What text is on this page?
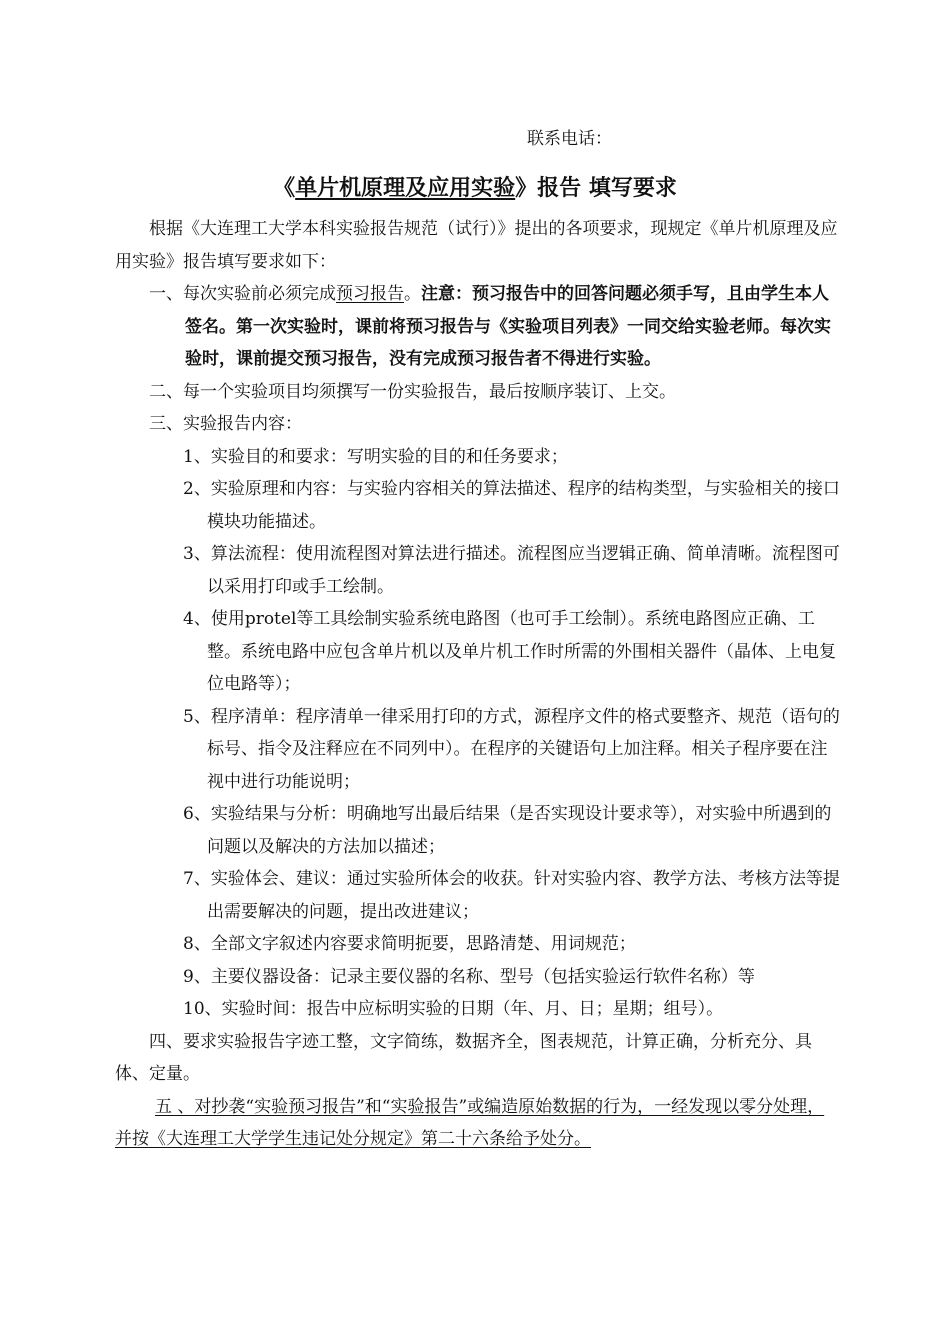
联系电话：
《单片机原理及应用实验》报告 填写要求

根据《大连理工大学本科实验报告规范（试行）》提出的各项要求，现规定《单片机原理及应用实验》报告填写要求如下：

一、每次实验前必须完成预习报告。注意：预习报告中的回答问题必须手写，且由学生本人签名。第一次实验时，课前将预习报告与《实验项目列表》一同交给实验老师。每次实验时，课前提交预习报告，没有完成预习报告者不得进行实验。

二、每一个实验项目均须撰写一份实验报告，最后按顺序装订、上交。

三、实验报告内容：

1、实验目的和要求：写明实验的目的和任务要求；

2、实验原理和内容：与实验内容相关的算法描述、程序的结构类型，与实验相关的接口模块功能描述。

3、算法流程：使用流程图对算法进行描述。流程图应当逻辑正确、简单清晰。流程图可以采用打印或手工绘制。

4、使用protel等工具绘制实验系统电路图（也可手工绘制）。系统电路图应正确、工整。系统电路中应包含单片机以及单片机工作时所需的外围相关器件（晶体、上电复位电路等）；

5、程序清单：程序清单一律采用打印的方式，源程序文件的格式要整齐、规范（语句的标号、指令及注释应在不同列中）。在程序的关键语句上加注释。相关子程序要在注视中进行功能说明；

6、实验结果与分析：明确地写出最后结果（是否实现设计要求等），对实验中所遇到的问题以及解决的方法加以描述；

7、实验体会、建议：通过实验所体会的收获。针对实验内容、教学方法、考核方法等提出需要解决的问题，提出改进建议；

8、全部文字叙述内容要求简明扼要，思路清楚、用词规范；

9、主要仪器设备：记录主要仪器的名称、型号（包括实验运行软件名称）等

10、实验时间：报告中应标明实验的日期（年、月、日；星期；组号）。

四、要求实验报告字迹工整，文字简练，数据齐全，图表规范，计算正确，分析充分、具体、定量。

五 、对抄袭“实验预习报告”和“实验报告”或编造原始数据的行为，一经发现以零分处理，并按《大连理工大学学生违记处分规定》第二十六条给予处分。
